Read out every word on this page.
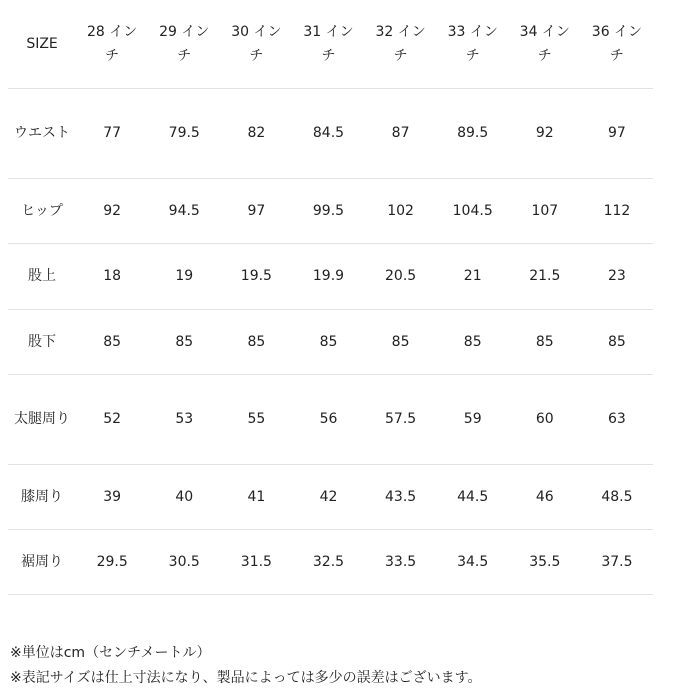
SIZE	28 インチ	29 インチ	30 インチ	31 インチ	32 インチ	33 インチ	34 インチ	36 インチ
ウエスト	77	79.5	82	84.5	87	89.5	92	97
ヒップ	92	94.5	97	99.5	102	104.5	107	112
股上	18	19	19.5	19.9	20.5	21	21.5	23
股下	85	85	85	85	85	85	85	85
太腿周り	52	53	55	56	57.5	59	60	63
膝周り	39	40	41	42	43.5	44.5	46	48.5
裾周り	29.5	30.5	31.5	32.5	33.5	34.5	35.5	37.5
※単位はcm（センチメートル）
※表記サイズは仕上寸法になり、製品によっては多少の誤差はございます。
